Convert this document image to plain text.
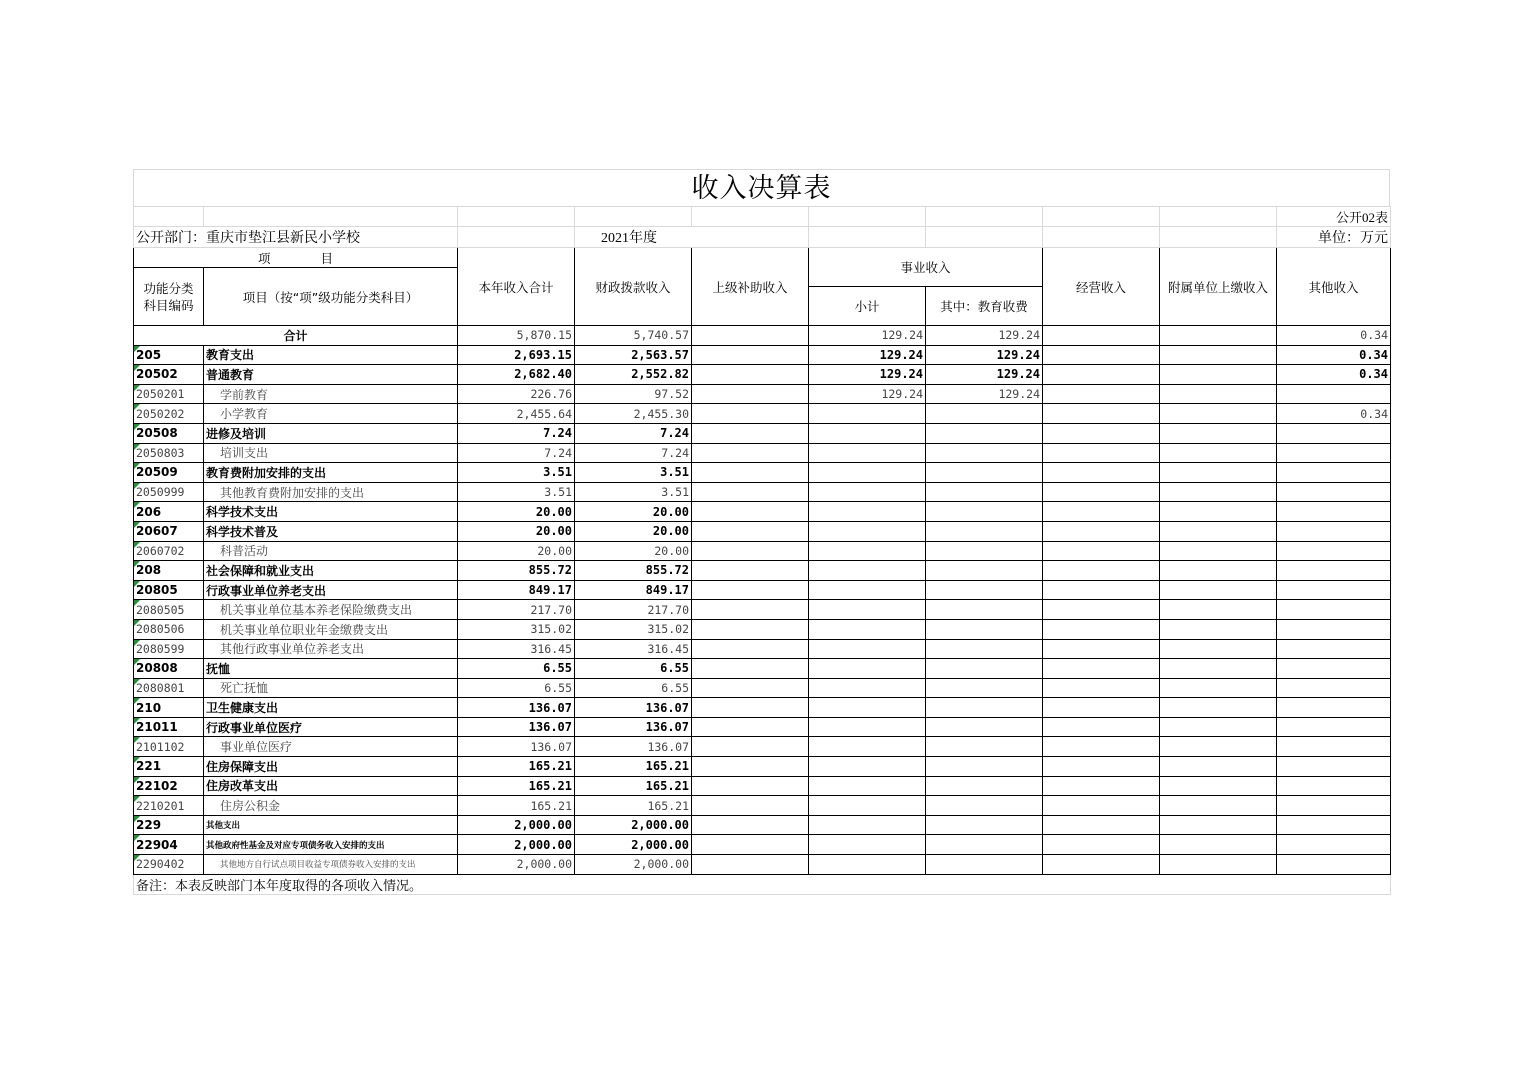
收入决算表
									公开02表
公开部门：重庆市垫江县新民小学校			2021年度						单位：万元
项　　　　目		本年收入合计	财政拨款收入	上级补助收入	事业收入		经营收入	附属单位上缴收入	其他收入
功能分类
科目编码	项目（按“项”级功能分类科目）								
					小计	其中：教育收费			
合计		5,870.15	5,740.57		129.24	129.24			0.34
205	教育支出	2,693.15	2,563.57		129.24	129.24			0.34
20502	普通教育	2,682.40	2,552.82		129.24	129.24			0.34
2050201	学前教育	226.76	97.52		129.24	129.24			
2050202	小学教育	2,455.64	2,455.30						0.34
20508	进修及培训	7.24	7.24						
2050803	培训支出	7.24	7.24						
20509	教育费附加安排的支出	3.51	3.51						
2050999	其他教育费附加安排的支出	3.51	3.51						
206	科学技术支出	20.00	20.00						
20607	科学技术普及	20.00	20.00						
2060702	科普活动	20.00	20.00						
208	社会保障和就业支出	855.72	855.72						
20805	行政事业单位养老支出	849.17	849.17						
2080505	机关事业单位基本养老保险缴费支出	217.70	217.70						
2080506	机关事业单位职业年金缴费支出	315.02	315.02						
2080599	其他行政事业单位养老支出	316.45	316.45						
20808	抚恤	6.55	6.55						
2080801	死亡抚恤	6.55	6.55						
210	卫生健康支出	136.07	136.07						
21011	行政事业单位医疗	136.07	136.07						
2101102	事业单位医疗	136.07	136.07						
221	住房保障支出	165.21	165.21						
22102	住房改革支出	165.21	165.21						
2210201	住房公积金	165.21	165.21						
229	其他支出	2,000.00	2,000.00						
22904	其他政府性基金及对应专项债务收入安排的支出	2,000.00	2,000.00						
2290402	其他地方自行试点项目收益专项债券收入安排的支出	2,000.00	2,000.00						
备注：本表反映部门本年度取得的各项收入情况。									
